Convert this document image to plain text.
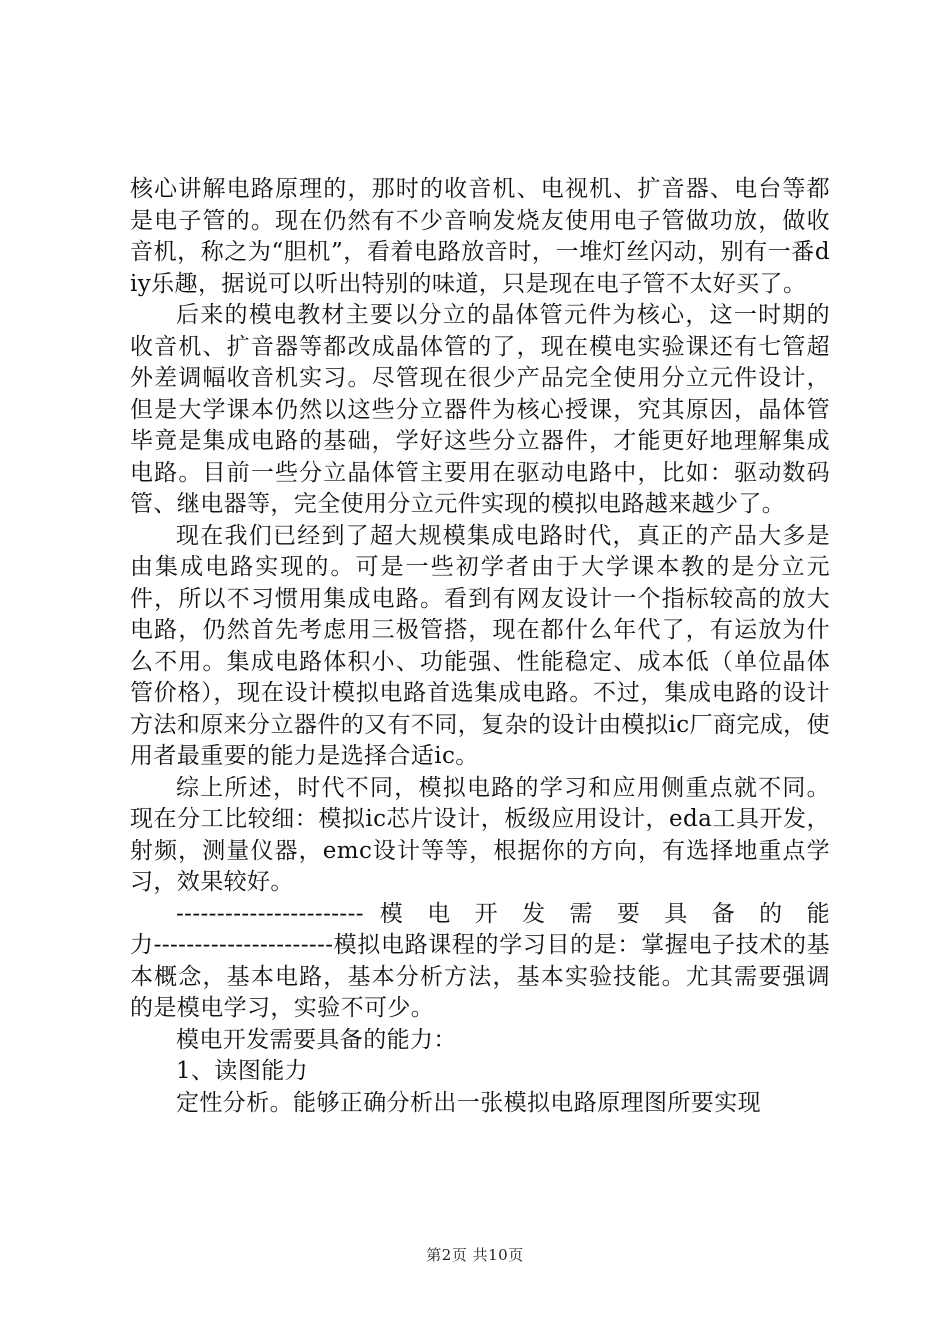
核心讲解电路原理的，那时的收音机、电视机、扩音器、电台等都是电子管的。现在仍然有不少音响发烧友使用电子管做功放，做收音机，称之为“胆机”，看着电路放音时，一堆灯丝闪动，别有一番diy乐趣，据说可以听出特别的味道，只是现在电子管不太好买了。

后来的模电教材主要以分立的晶体管元件为核心，这一时期的收音机、扩音器等都改成晶体管的了，现在模电实验课还有七管超外差调幅收音机实习。尽管现在很少产品完全使用分立元件设计，但是大学课本仍然以这些分立器件为核心授课，究其原因，晶体管毕竟是集成电路的基础，学好这些分立器件，才能更好地理解集成电路。目前一些分立晶体管主要用在驱动电路中，比如：驱动数码管、继电器等，完全使用分立元件实现的模拟电路越来越少了。

现在我们已经到了超大规模集成电路时代，真正的产品大多是由集成电路实现的。可是一些初学者由于大学课本教的是分立元件，所以不习惯用集成电路。看到有网友设计一个指标较高的放大电路，仍然首先考虑用三极管搭，现在都什么年代了，有运放为什么不用。集成电路体积小、功能强、性能稳定、成本低（单位晶体管价格），现在设计模拟电路首选集成电路。不过，集成电路的设计方法和原来分立器件的又有不同，复杂的设计由模拟ic厂商完成，使用者最重要的能力是选择合适ic。

综上所述，时代不同，模拟电路的学习和应用侧重点就不同。现在分工比较细：模拟ic芯片设计，板级应用设计，eda工具开发，射频，测量仪器，emc设计等等，根据你的方向，有选择地重点学习，效果较好。

----------------------- 模 电 开 发 需 要 具 备 的 能

力----------------------模拟电路课程的学习目的是：掌握电子技术的基本概念，基本电路，基本分析方法，基本实验技能。尤其需要强调的是模电学习，实验不可少。

模电开发需要具备的能力：

1、读图能力

定性分析。能够正确分析出一张模拟电路原理图所要实现

第2页 共10页
